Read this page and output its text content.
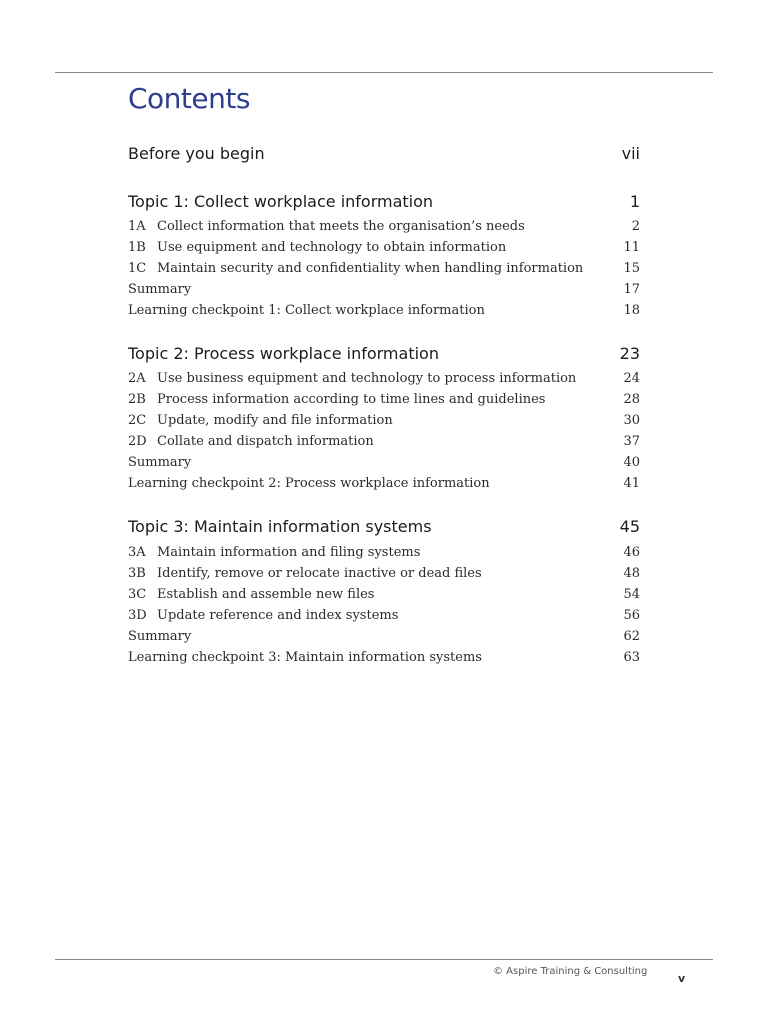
Contents
Before you begin	vii
Topic 1: Collect workplace information	1
1A Collect information that meets the organisation’s needs	2
1B Use equipment and technology to obtain information	11
1C Maintain security and confidentiality when handling information	15
Summary	17
Learning checkpoint 1: Collect workplace information	18
Topic 2: Process workplace information	23
2A Use business equipment and technology to process information	24
2B Process information according to time lines and guidelines	28
2C Update, modify and file information	30
2D Collate and dispatch information	37
Summary	40
Learning checkpoint 2: Process workplace information	41
Topic 3: Maintain information systems	45
3A Maintain information and filing systems	46
3B Identify, remove or relocate inactive or dead files	48
3C Establish and assemble new files	54
3D Update reference and index systems	56
Summary	62
Learning checkpoint 3: Maintain information systems	63
© Aspire Training & Consulting
v
